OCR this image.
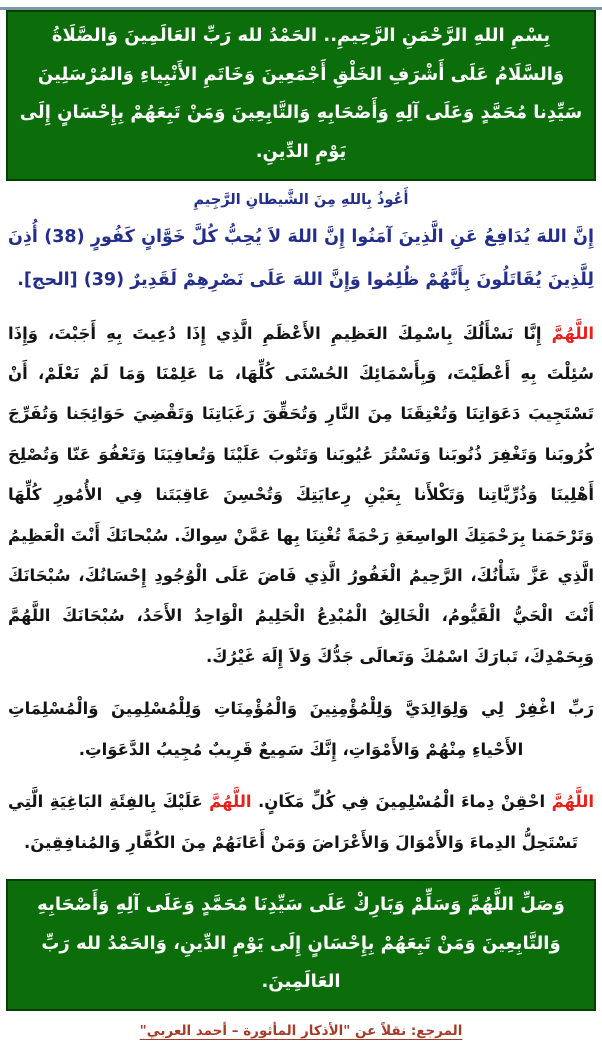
بِسْمِ اللهِ الرَّحْمَنِ الرَّحِيمِ.. الحَمْدُ لله رَبِّ العَالَمِينَ وَالصَّلَاةُ وَالسَّلَامُ عَلَى أَشْرَفِ الخَلْقِ أَجْمَعِينَ وَخَاتَمِ الأَنْبِياءِ وَالمُرْسَلِينَ سَيِّدِنا مُحَمَّدٍ وَعَلَى آلِهِ وَأَصْحَابِهِ وَالتَّابِعِينَ وَمَنْ تَبِعَهُمْ بِإِحْسَانٍ إِلَى يَوْمِ الدِّينِ.
أَعُوذُ بِاللهِ مِنَ الشَّيطانِ الرَّجِيمِ

إِنَّ اللهَ يُدَافِعُ عَنِ الَّذِينَ آمَنُوا إِنَّ اللهَ لاَ يُحِبُّ كُلَّ خَوَّانٍ كَفُورٍ (38) أُذِنَ لِلَّذِينَ يُقَاتَلُونَ بِأَنَّهُمْ ظُلِمُوا وَإِنَّ اللهَ عَلَى نَصْرِهِمْ لَقَدِيرٌ (39) [الحج].

اللَّهُمَّ إِنَّا نَسْأَلُكَ بِاسْمِكَ العَظِيمِ الأَعْظَمِ الَّذِي إِذَا دُعِيتَ بِهِ أَجَبْتَ، وَإِذَا سُئِلْتَ بِهِ أَعْطَيْتَ، وَبِأَسْمَائِكَ الحُسْنَى كُلِّهَا، مَا عَلِمْنَا وَمَا لَمْ نَعْلَمْ، أَنْ تَسْتَجِيبَ دَعَوَاتِنَا وَتُعْتِقَنَا مِنَ النَّارِ وَتُحَقِّقَ رَغَبَاتِنَا وَتَقْضِيَ حَوَائِجَنا وَتُفَرِّجَ كُرُوبَنا وَتَغْفِرَ ذُنُوبَنا وَتَسْتُرَ عُيُوبَنا وَتَتُوبَ عَلَيْنَا وَتُعافِيَنَا وَتَعْفُوَ عَنّا وَتُصْلِحَ أَهْلِينَا وَذُرِّيَّاتِنا وَتَكْلأَنا بِعَيْنِ رِعايَتِكَ وَتُحْسِنَ عَاقِبَتَنا فِي الأُمُورِ كُلِّهَا وَتَرْحَمَنا بِرَحْمَتِكَ الواسِعَةِ رَحْمَةً تُغْنِنَا بِها عَمَّنْ سِواكَ. سُبْحانَكَ أَنْتَ الْعَظِيمُ الَّذِي عَزَّ شَأْنُكَ، الرَّحِيمُ الْغَفُورُ الَّذِي فَاضَ عَلَى الْوُجُودِ إِحْسَانُكَ، سُبْحَانَكَ أَنْتَ الْحَيُّ الْقَيُّومُ، الْخَالِقُ الْمُبْدِعُ الْحَلِيمُ الْوَاحِدُ الأَحَدُ، سُبْحَانَكَ اللَّهُمَّ وَبِحَمْدِكَ، تَبارَكَ اسْمُكَ وَتَعالَى جَدُّكَ وَلاَ إِلَهَ غَيْرُكَ.

رَبِّ اغْفِرْ لِي وَلِوَالِدَيَّ وَلِلْمُؤْمِنِينَ وَالْمُؤْمِنَاتِ وَلِلْمُسْلِمِينَ وَالْمُسْلِمَاتِ الأَحْياءِ مِنْهُمْ وَالأَمْوَاتِ، إِنَّكَ سَمِيعٌ قَرِيبٌ مُجِيبُ الدَّعَوَاتِ.

اللَّهُمَّ احْقِنْ دِماءَ الْمُسْلِمِينَ فِي كُلِّ مَكَانٍ. اللَّهُمَّ عَلَيْكَ بِالفِئَةِ البَاغِيَةِ الَّتِي تَسْتَحِلُّ الدِماءَ وَالأَمْوَالَ وَالأَعْرَاضَ وَمَنْ أَعَانَهُمْ مِنَ الكُفَّارِ وَالمُنافِقِينَ.

وَصَلِّ اللَّهُمَّ وَسَلِّمْ وَبَارِكْ عَلَى سَيِّدِنَا مُحَمَّدٍ وَعَلَى آلِهِ وَأَصْحَابِهِ وَالتَّابِعِينَ وَمَنْ تَبِعَهُمْ بِإِحْسَانٍ إِلَى يَوْمِ الدِّينِ، وَالحَمْدُ لله رَبِّ العَالَمِينَ.
المرجع: نقلاً عن "الأذكار المأثورة – أحمد العربي"
